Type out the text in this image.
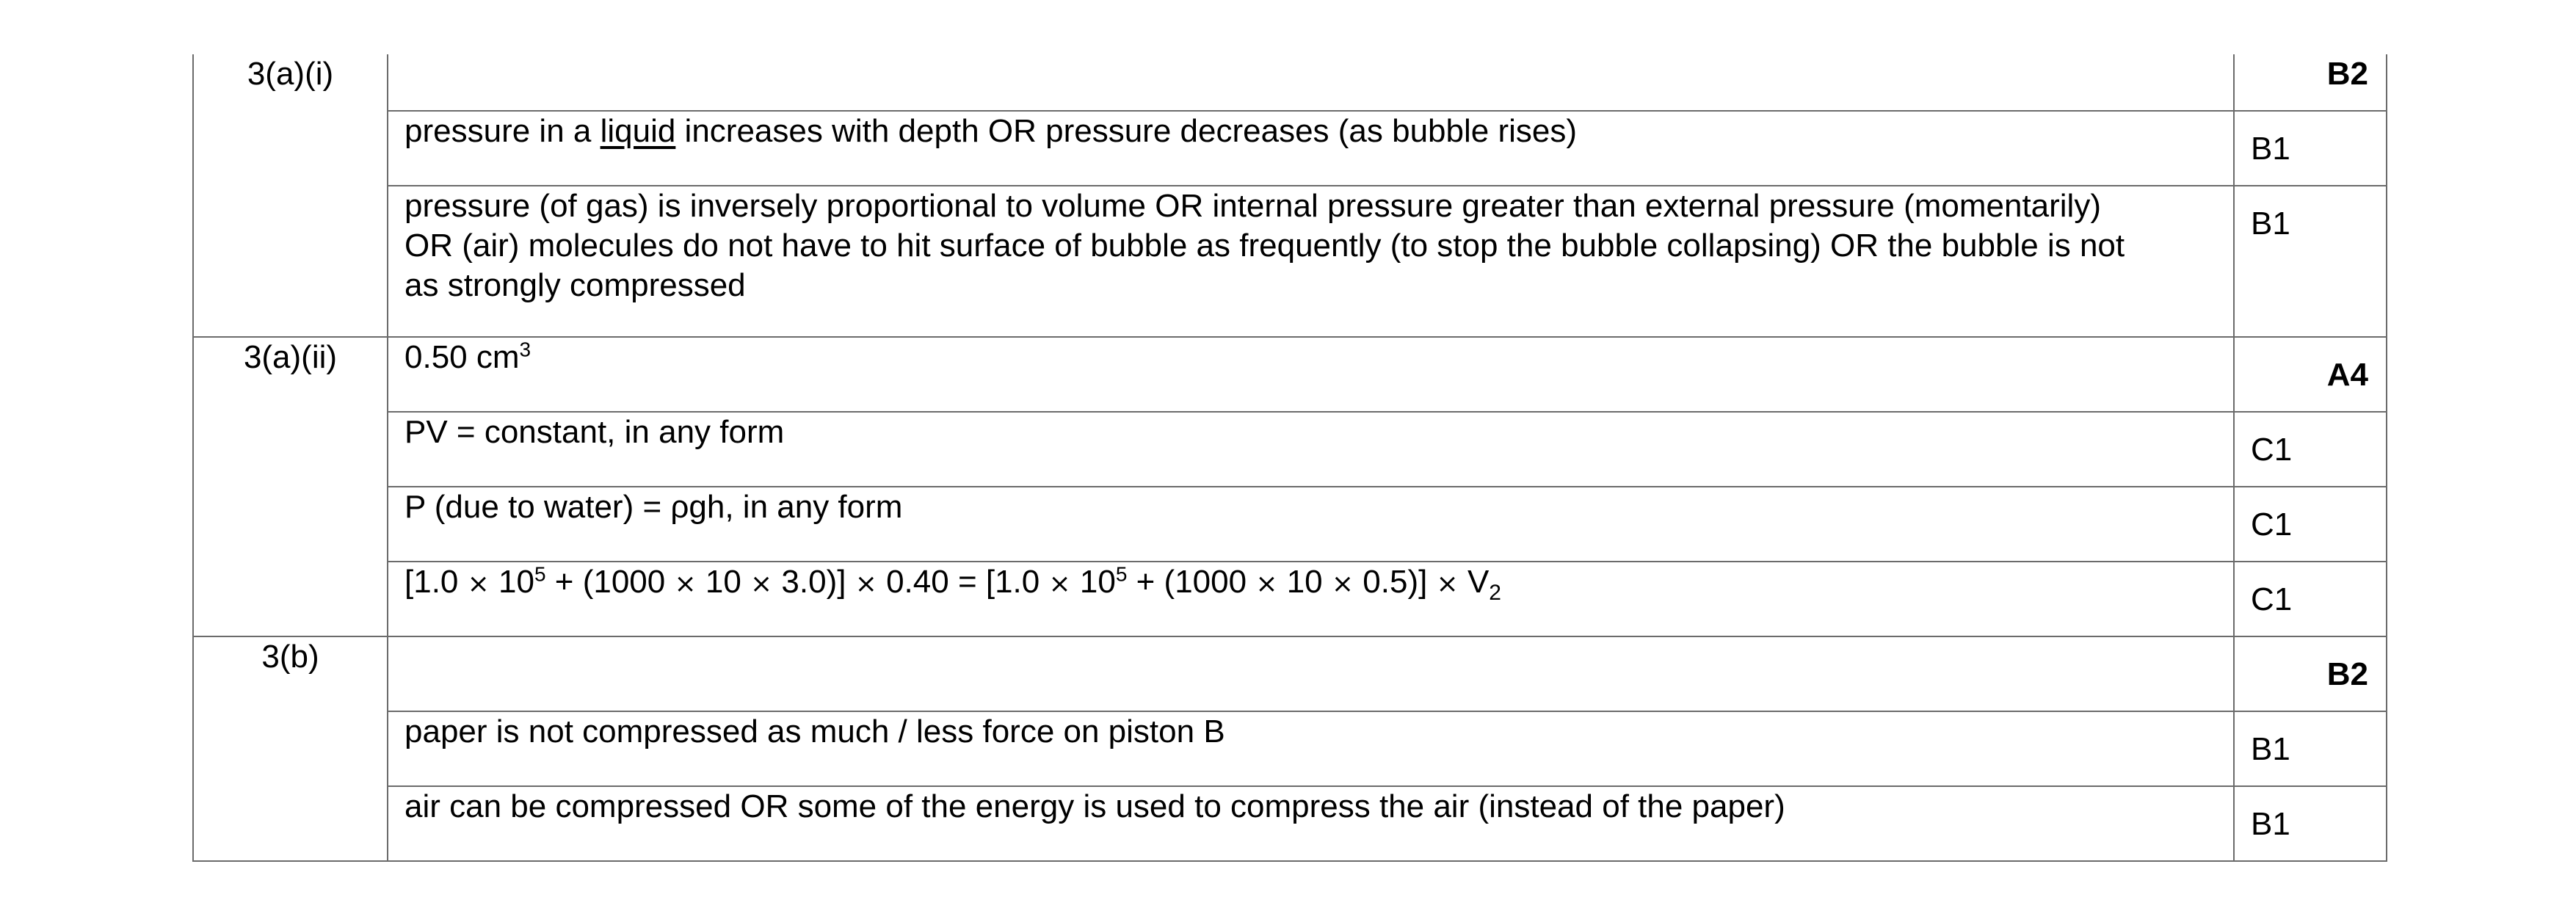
3(a)(i)		B2
	pressure in a liquid increases with depth OR pressure decreases (as bubble rises)	B1

	pressure (of gas) is inversely proportional to volume OR internal pressure greater than external pressure (momentarily)
OR (air) molecules do not have to hit surface of bubble as frequently (to stop the bubble collapsing) OR the bubble is not
as strongly compressed	B1
3(a)(ii)	0.50 $cm^3$	A4
	PV = constant, in any form	C1
	P (due to water) = ρgh, in any form	C1
	$[1.0 \times 10^5 + (1000 \times 10 \times 3.0)] \times 0.40 = [1.0 \times 10^5 + (1000 \times 10 \times 0.5)] \times V_2$	C1
3(b)		B2
	paper is not compressed as much / less force on piston B	B1
	air can be compressed OR some of the energy is used to compress the air (instead of the paper)	B1
